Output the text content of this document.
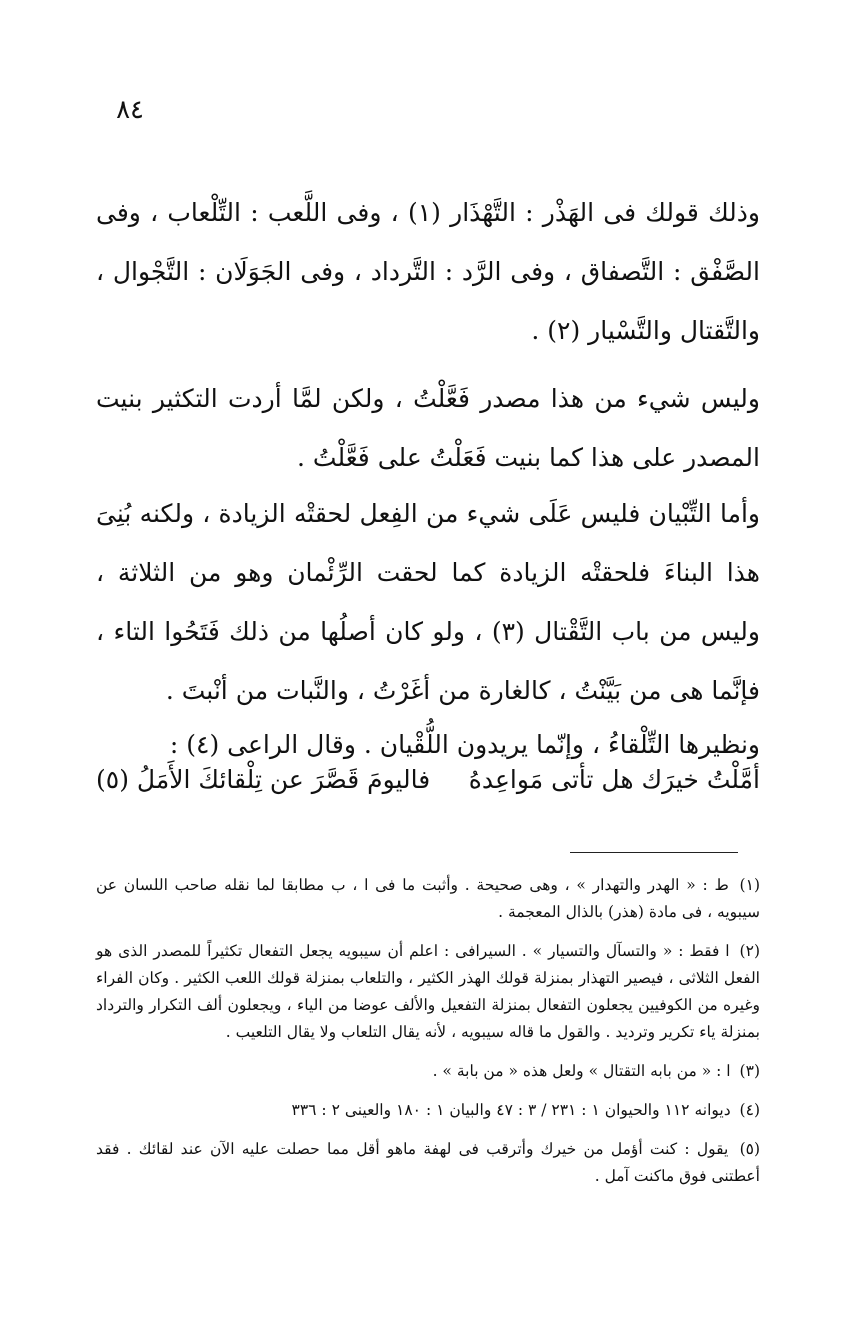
٨٤

وذلك قولك فى الهَذْر : التَّهْذَار (١) ، وفى اللَّعب : التِّلْعاب ، وفى الصَّفْق : التَّصفاق ، وفى الرَّد : التَّرداد ، وفى الجَوَلَان : التَّجْوال ، والتَّقتال والتَّسْيار (٢) .

وليس شيء من هذا مصدر فَعَّلْتُ ، ولكن لمَّا أردت التكثير بنيت المصدر على هذا كما بنيت فَعَلْتُ على فَعَّلْتُ .

وأما التِّبْيان فليس عَلَى شيء من الفِعل لحقتْه الزيادة ، ولكنه بُنِىَ هذا البناءَ فلحقتْه الزيادة كما لحقت الرِّئْمان وهو من الثلاثة ، وليس من باب التَّقْتال (٣) ، ولو كان أصلُها من ذلك فَتَحُوا التاء ، فإنَّما هى من بَيَّنْتُ ، كالغارة من أغَرْتُ ، والنَّبات من أنْبتَ .

ونظيرها التِّلْقاءُ ، وإنّما يريدون اللُّقْيان . وقال الراعى (٤) :

أمَّلْتُ خيرَك هل تأتى مَواعِدهُ
فاليومَ قَصَّرَ عن تِلْقائكَ الأَمَلُ (٥)

(١) ط : « الهدر والتهدار » ، وهى صحيحة . وأثبت ما فى ا ، ب مطابقا لما نقله صاحب اللسان عن سيبويه ، فى مادة (هذر) بالذال المعجمة .

(٢) ا فقط : « والتسآل والتسيار » . السيرافى : اعلم أن سيبويه يجعل التفعال تكثيراً للمصدر الذى هو الفعل الثلاثى ، فيصير التهذار بمنزلة قولك الهذر الكثير ، والتلعاب بمنزلة قولك اللعب الكثير . وكان الفراء وغيره من الكوفيين يجعلون التفعال بمنزلة التفعيل والألف عوضا من الياء ، ويجعلون ألف التكرار والترداد بمنزلة ياء تكرير وترديد . والقول ما قاله سيبويه ، لأنه يقال التلعاب ولا يقال التلعيب .

(٣) ا : « من بابه التقتال » ولعل هذه « من بابة » .

(٤) ديوانه ١١٢ والحيوان ١ : ٢٣١ / ٣ : ٤٧ والبيان ١ : ١٨٠ والعينى ٢ : ٣٣٦

(٥) يقول : كنت أؤمل من خيرك وأترقب فى لهفة ماهو أقل مما حصلت عليه الآن عند لقائك . فقد أعطتنى فوق ماكنت آمل .
